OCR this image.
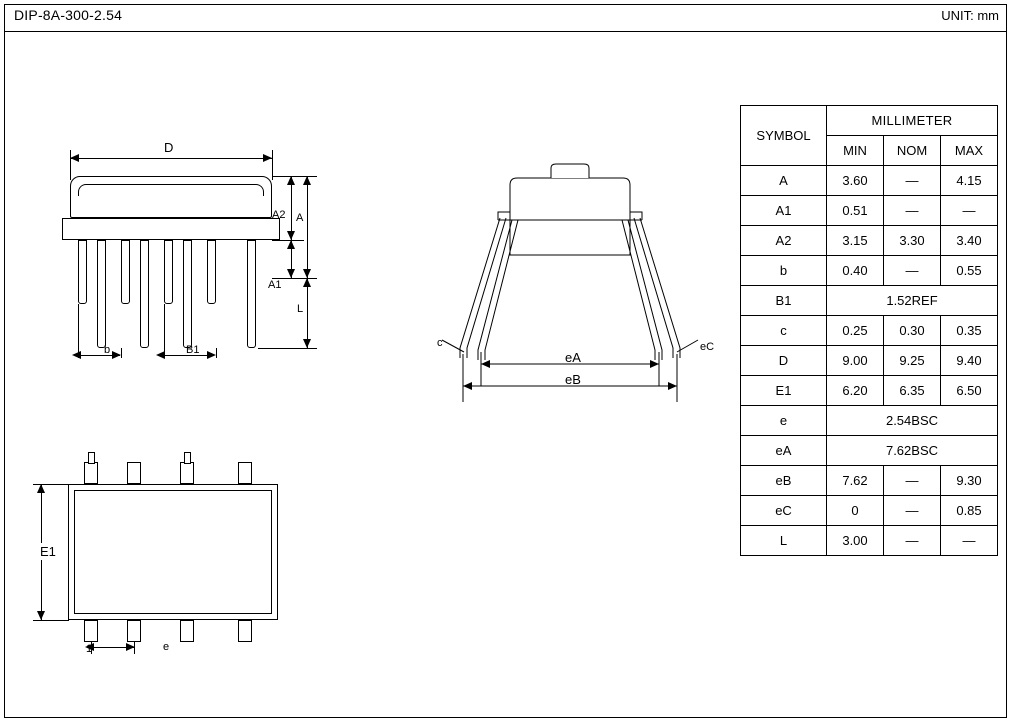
DIP-8A-300-2.54	UNIT: mm
D
A2 A
A1
L
b	B1
c	eC
eA
eB
E1
e
1
SYMBOL	MILLIMETER		
	MIN	NOM	MAX
A	3.60	—	4.15
A1	0.51	—	—
A2	3.15	3.30	3.40
b	0.40	—	0.55
B1	1.52REF		
c	0.25	0.30	0.35
D	9.00	9.25	9.40
E1	6.20	6.35	6.50
e	2.54BSC		
eA	7.62BSC		
eB	7.62	—	9.30
eC	0	—	0.85
L	3.00	—	—
